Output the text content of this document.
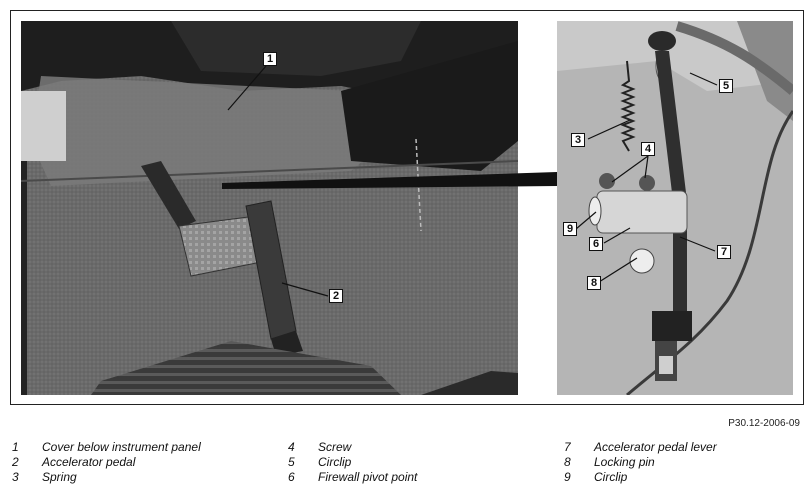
1
2
3
4
5
6
7
8
9
P30.12-2006-09
1 Cover below instrument panel
2 Accelerator pedal
3 Spring
4 Screw
5 Circlip
6 Firewall pivot point
7 Accelerator pedal lever
8 Locking pin
9 Circlip
